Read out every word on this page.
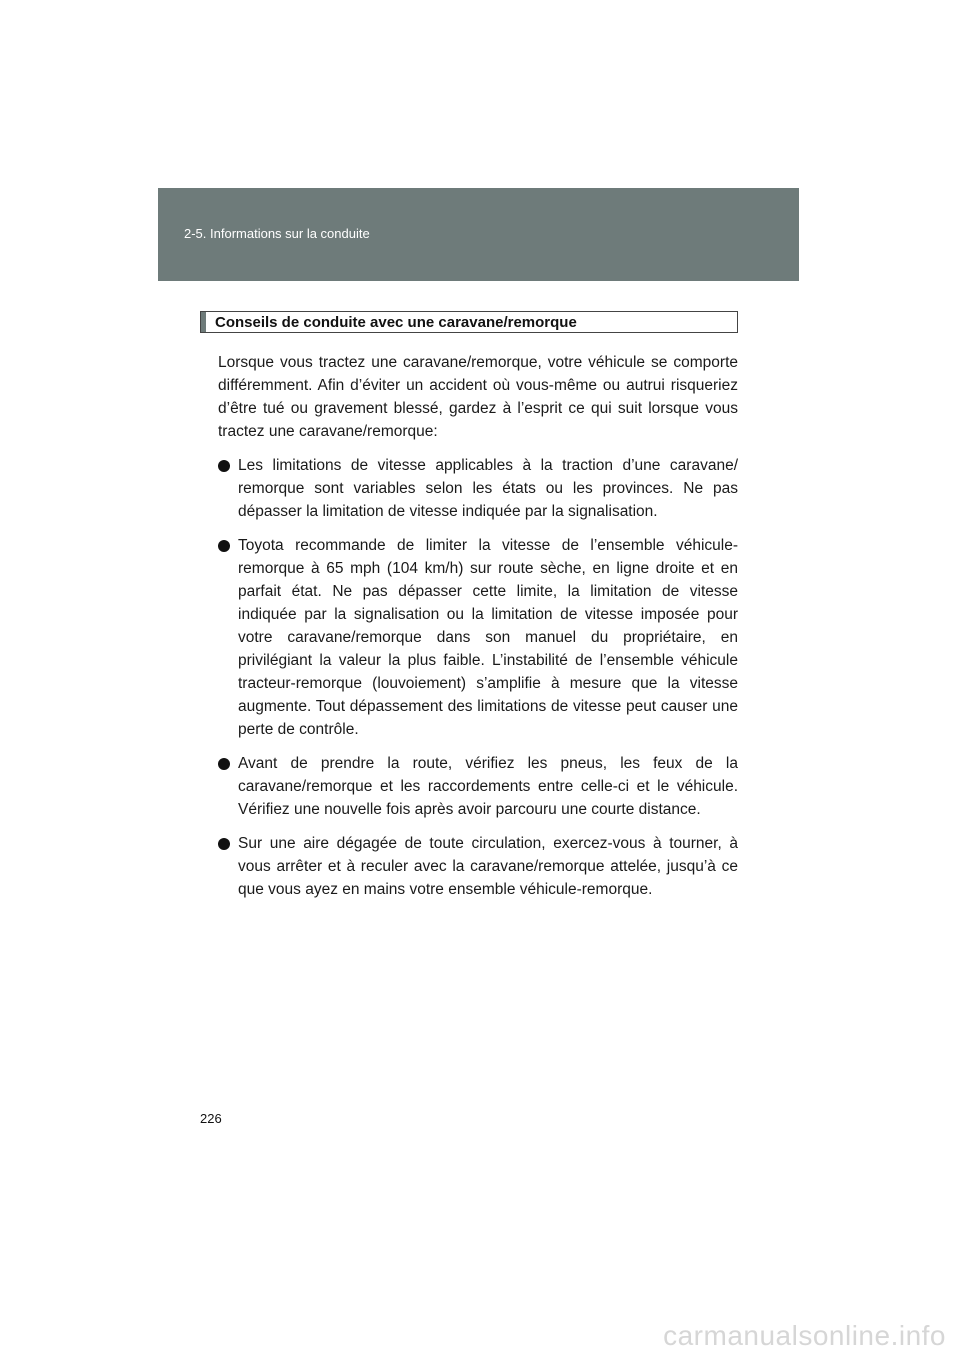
2-5. Informations sur la conduite
Conseils de conduite avec une caravane/remorque

Lorsque vous tractez une caravane/remorque, votre véhicule se comporte différemment. Afin d’éviter un accident où vous-même ou autrui risqueriez d’être tué ou gravement blessé, gardez à l’esprit ce qui suit lorsque vous tractez une caravane/remorque:

Les limitations de vitesse applicables à la traction d’une caravane/ remorque sont variables selon les états ou les provinces. Ne pas dépasser la limitation de vitesse indiquée par la signalisation.
Toyota recommande de limiter la vitesse de l’ensemble véhicule-remorque à 65 mph (104 km/h) sur route sèche, en ligne droite et en parfait état. Ne pas dépasser cette limite, la limitation de vitesse indiquée par la signalisation ou la limitation de vitesse imposée pour votre caravane/remorque dans son manuel du propriétaire, en privilégiant la valeur la plus faible. L’instabilité de l’ensemble véhicule tracteur-remorque (louvoiement) s’amplifie à mesure que la vitesse augmente. Tout dépassement des limitations de vitesse peut causer une perte de contrôle.
Avant de prendre la route, vérifiez les pneus, les feux de la caravane/remorque et les raccordements entre celle-ci et le véhicule. Vérifiez une nouvelle fois après avoir parcouru une courte distance.
Sur une aire dégagée de toute circulation, exercez-vous à tourner, à vous arrêter et à reculer avec la caravane/remorque attelée, jusqu’à ce que vous ayez en mains votre ensemble véhicule-remorque.
226
carmanualsonline.info
